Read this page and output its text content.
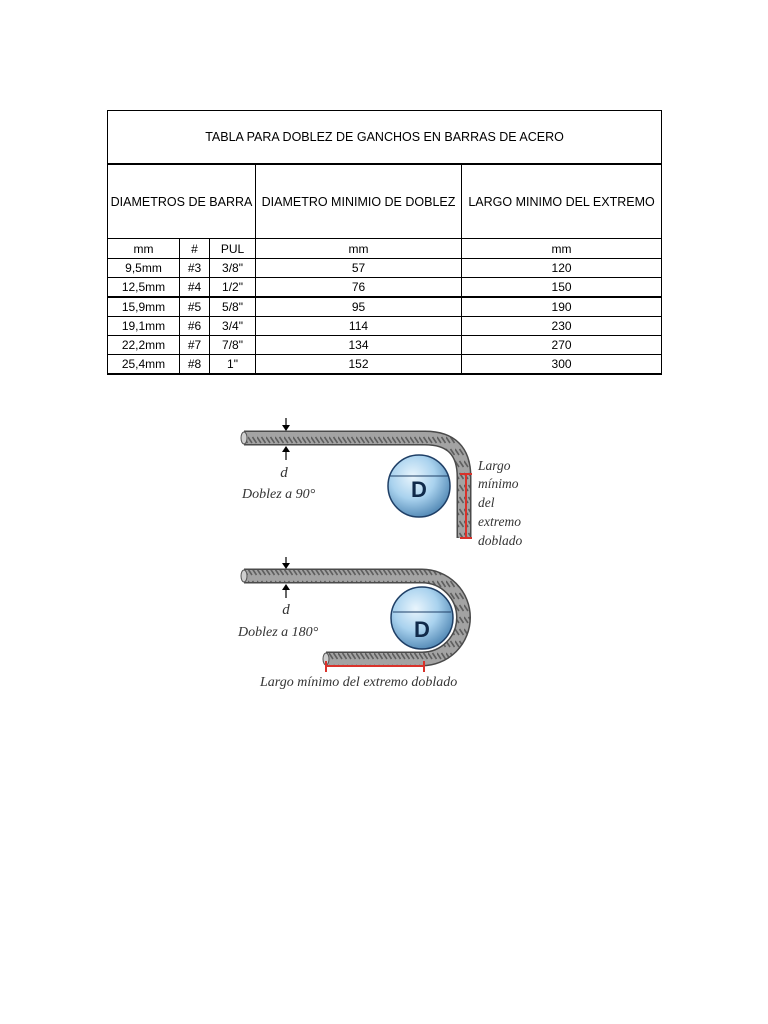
TABLA PARA DOBLEZ DE GANCHOS EN BARRAS DE ACERO				
DIAMETROS DE BARRA			DIAMETRO MINIMIO DE DOBLEZ	LARGO MINIMO DEL EXTREMO
mm	#	PUL	mm	mm
9,5mm	#3	3/8"	57	120
12,5mm	#4	1/2"	76	150
15,9mm	#5	5/8"	95	190
19,1mm	#6	3/4"	114	230
22,2mm	#7	7/8"	134	270
25,4mm	#8	1"	152	300
D
d
Doblez a 90°
Largo mínimo del extremo doblado
D
d
Doblez a 180°
Largo mínimo del extremo doblado
